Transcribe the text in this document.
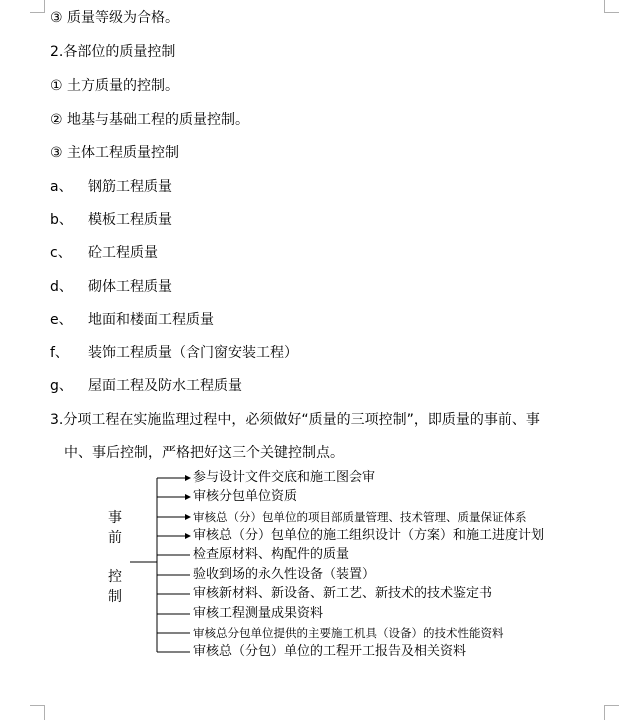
③ 质量等级为合格。
2.各部位的质量控制
① 土方质量的控制。
② 地基与基础工程的质量控制。
③ 主体工程质量控制
a、 钢筋工程质量
b、 模板工程质量
c、 砼工程质量
d、 砌体工程质量
e、 地面和楼面工程质量
f、 装饰工程质量（含门窗安装工程）
g、 屋面工程及防水工程质量
3.分项工程在实施监理过程中，必须做好“质量的三项控制”，即质量的事前、事
中、事后控制，严格把好这三个关键控制点。
事
前
控
制
参与设计文件交底和施工图会审
审核分包单位资质
审核总（分）包单位的项目部质量管理、技术管理、质量保证体系
审核总（分）包单位的施工组织设计（方案）和施工进度计划
检查原材料、构配件的质量
验收到场的永久性设备（装置）
审核新材料、新设备、新工艺、新技术的技术鉴定书
审核工程测量成果资料
审核总分包单位提供的主要施工机具（设备）的技术性能资料
审核总（分包）单位的工程开工报告及相关资料
